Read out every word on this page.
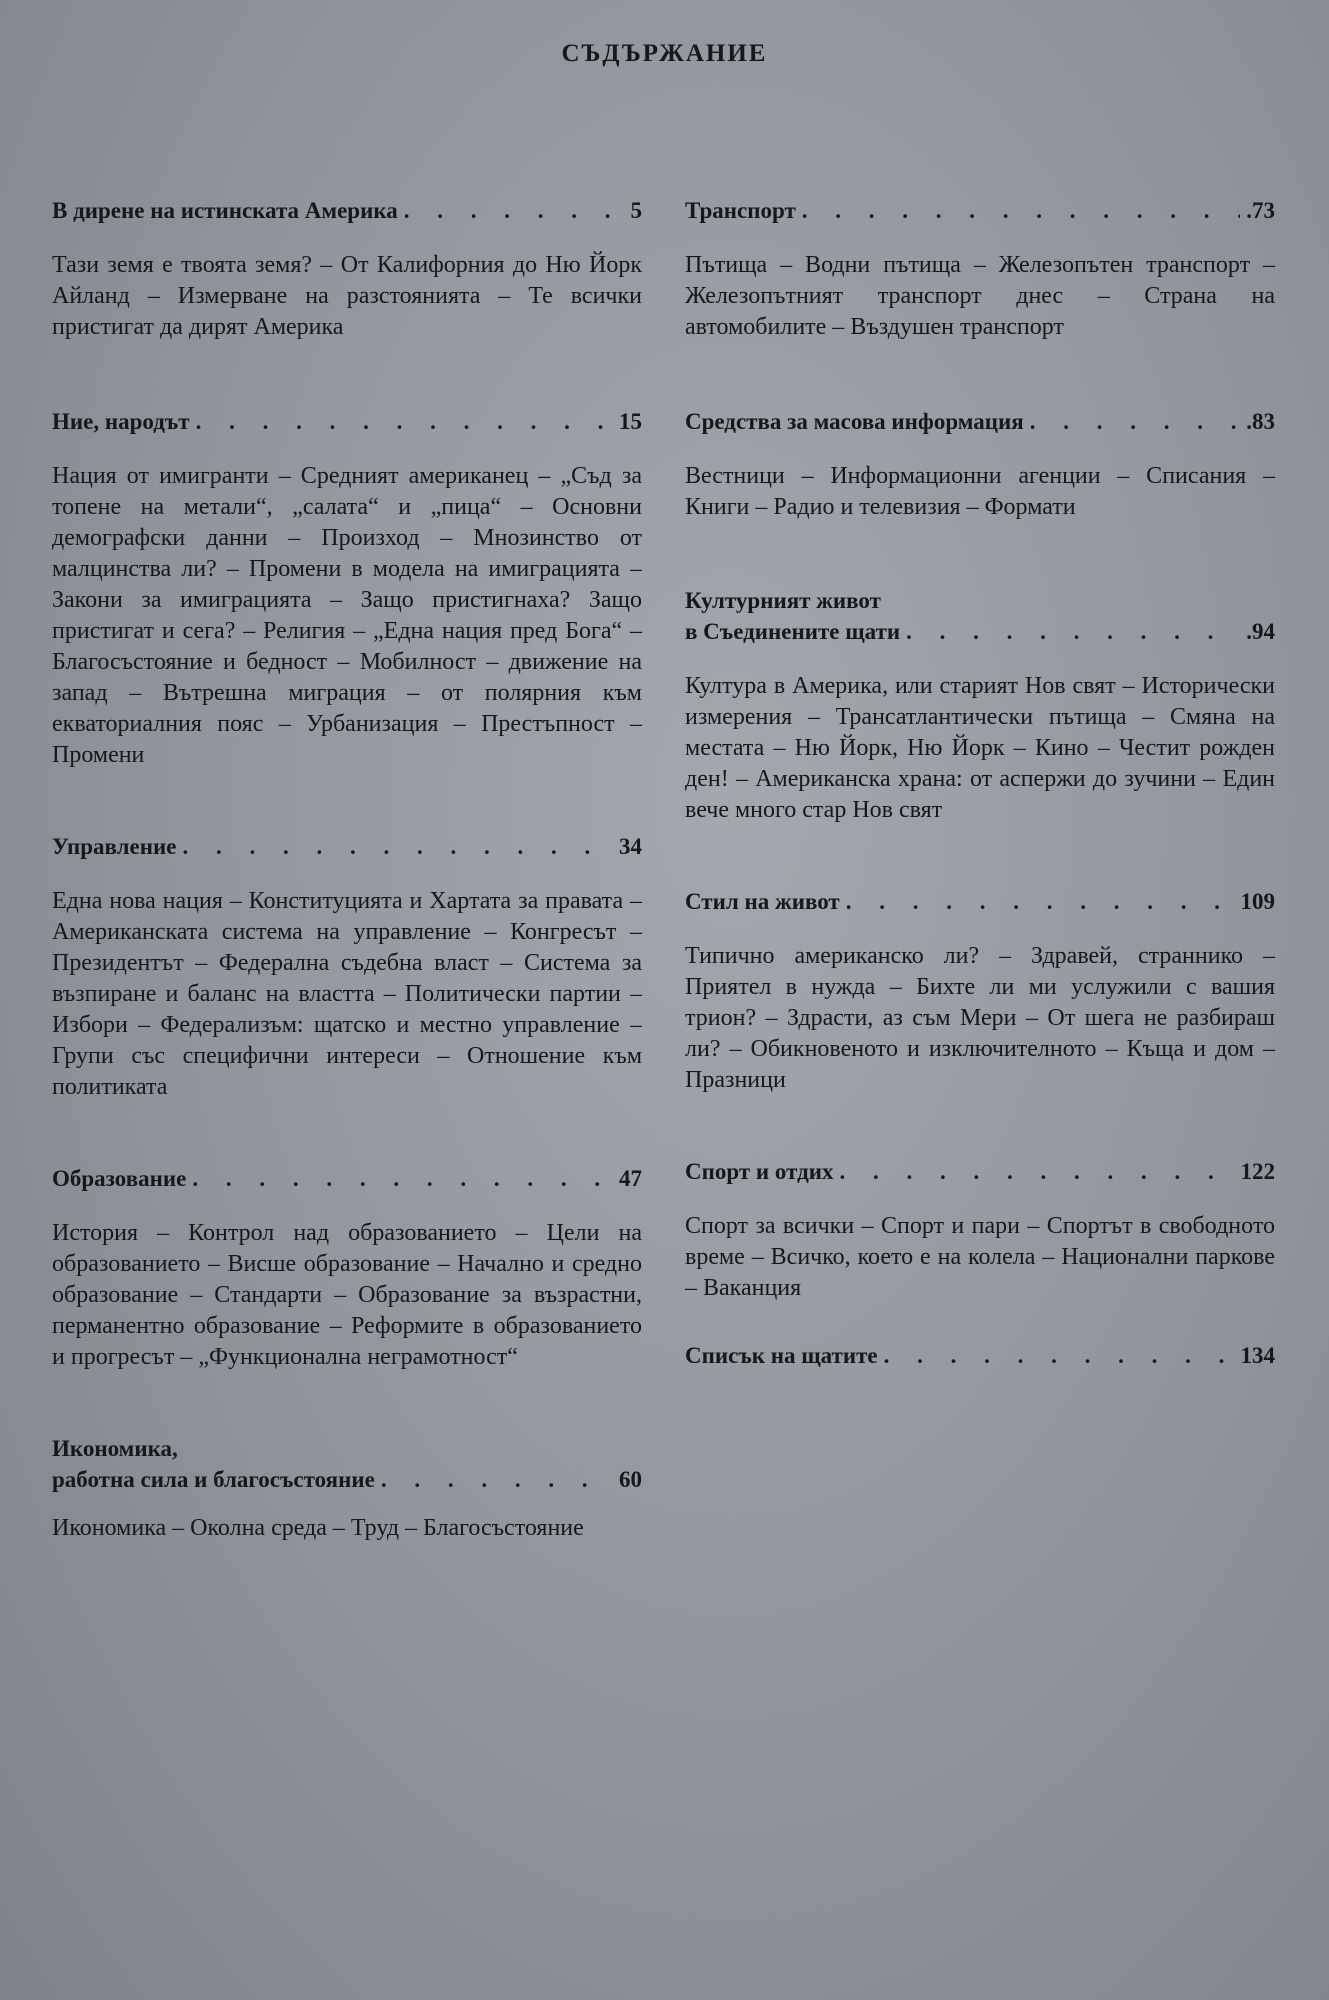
СЪДЪРЖАНИЕ
В дирене на истинската Америка . . .	5
Тази земя е твоята земя? – От Калифорния до Ню Йорк Айланд – Измерване на разстоянията – Те всички пристигат да дирят Америка
Ние, народът . . .	15
Нация от имигранти – Средният американец – „Съд за топене на метали“, „салата“ и „пица“ – Основни демографски данни – Произход – Мнозинство от малцинства ли? – Промени в модела на имиграцията – Закони за имиграцията – Защо пристигнаха? Защо пристигат и сега? – Религия – „Една нация пред Бога“ – Благосъстояние и бедност – Мобилност – движение на запад – Вътрешна миграция – от полярния към екваториалния пояс – Урбанизация – Престъпност – Промени
Управление . . .	34
Една нова нация – Конституцията и Хартата за правата – Американската система на управление – Конгресът – Президентът – Федерална съдебна власт – Система за възпиране и баланс на властта – Политически партии – Избори – Федерализъм: щатско и местно управление – Групи със специфични интереси – Отношение към политиката
Образование . . .	47
История – Контрол над образованието – Цели на образованието – Висше образование – Начално и средно образование – Стандарти – Образование за възрастни, перманентно образование – Реформите в образованието и прогресът – „Функционална неграмотност“
Икономика,
работна сила и благосъстояние . . .	60
Икономика – Околна среда – Труд – Благосъстояние
Транспорт . . .	.73
Пътища – Водни пътища – Железопътен транспорт – Железопътният транспорт днес – Страна на автомобилите – Въздушен транспорт
Средства за масова информация . . .	.83
Вестници – Информационни агенции – Списания – Книги – Радио и телевизия – Формати
Културният живот
в Съединените щати . . .	.94
Култура в Америка, или старият Нов свят – Исторически измерения – Трансатлантически пътища – Смяна на местата – Ню Йорк, Ню Йорк – Кино – Честит рожден ден! – Американска храна: от аспержи до зучини – Един вече много стар Нов свят
Стил на живот . . .	109
Типично американско ли? – Здравей, страннико – Приятел в нужда – Бихте ли ми услужили с вашия трион? – Здрасти, аз съм Мери – От шега не разбираш ли? – Обикновеното и изключителното – Къща и дом – Празници
Спорт и отдих . . .	122
Спорт за всички – Спорт и пари – Спортът в свободното време – Всичко, което е на колела – Национални паркове – Ваканция
Списък на щатите . . .	134
